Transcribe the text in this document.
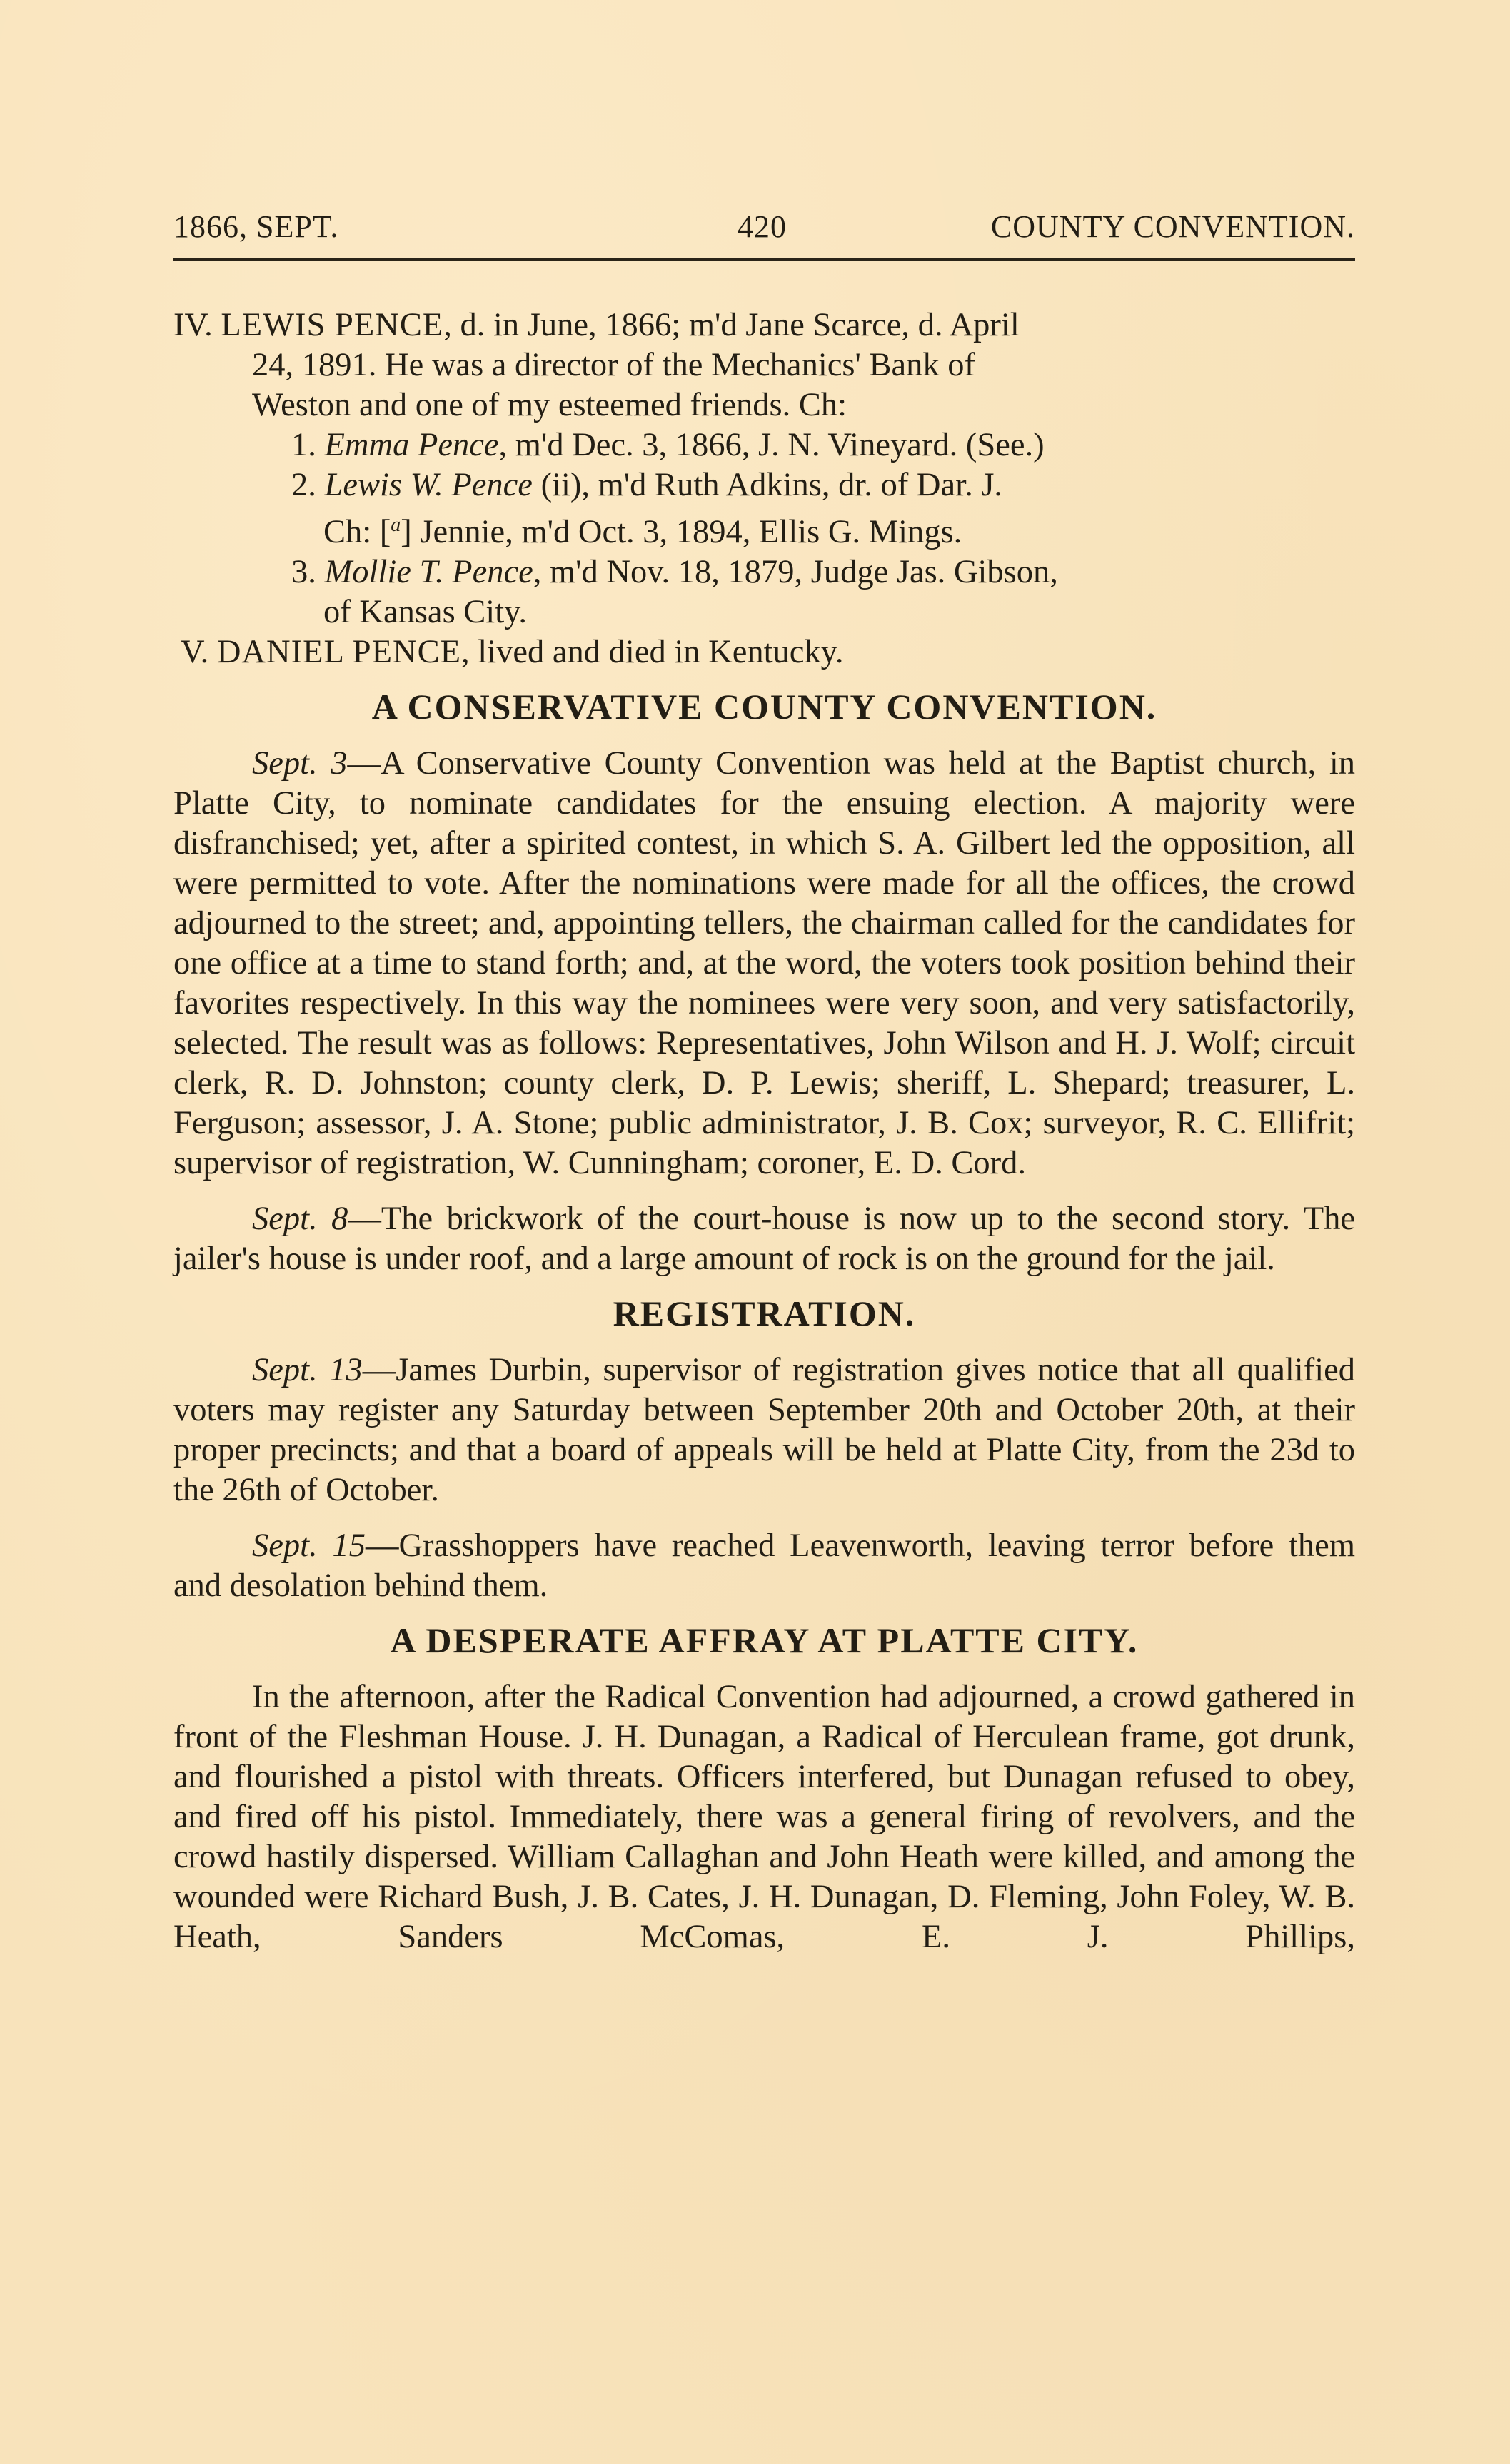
1866, SEPT.	420	COUNTY CONVENTION.

IV. LEWIS PENCE, d. in June, 1866; m'd Jane Scarce, d. April

24, 1891. He was a director of the Mechanics' Bank of

Weston and one of my esteemed friends. Ch:

1. Emma Pence, m'd Dec. 3, 1866, J. N. Vineyard. (See.)

2. Lewis W. Pence (ii), m'd Ruth Adkins, dr. of Dar. J.

Ch: [$^a$] Jennie, m'd Oct. 3, 1894, Ellis G. Mings.

3. Mollie T. Pence, m'd Nov. 18, 1879, Judge Jas. Gibson,

of Kansas City.

V. DANIEL PENCE, lived and died in Kentucky.

A CONSERVATIVE COUNTY CONVENTION.

Sept. 3—A Conservative County Convention was held at the Baptist church, in Platte City, to nominate candidates for the ensuing election. A majority were disfranchised; yet, after a spirited contest, in which S. A. Gilbert led the opposition, all were permitted to vote. After the nominations were made for all the offices, the crowd adjourned to the street; and, appointing tellers, the chairman called for the candidates for one office at a time to stand forth; and, at the word, the voters took position behind their favorites respectively. In this way the nominees were very soon, and very satisfactorily, selected. The result was as follows: Representatives, John Wilson and H. J. Wolf; circuit clerk, R. D. Johnston; county clerk, D. P. Lewis; sheriff, L. Shepard; treasurer, L. Ferguson; assessor, J. A. Stone; public administrator, J. B. Cox; surveyor, R. C. Ellifrit; supervisor of registration, W. Cunningham; coroner, E. D. Cord.

Sept. 8—The brickwork of the court-house is now up to the second story. The jailer's house is under roof, and a large amount of rock is on the ground for the jail.

REGISTRATION.

Sept. 13—James Durbin, supervisor of registration gives notice that all qualified voters may register any Saturday between September 20th and October 20th, at their proper precincts; and that a board of appeals will be held at Platte City, from the 23d to the 26th of October.

Sept. 15—Grasshoppers have reached Leavenworth, leaving terror before them and desolation behind them.

A DESPERATE AFFRAY AT PLATTE CITY.

In the afternoon, after the Radical Convention had adjourned, a crowd gathered in front of the Fleshman House. J. H. Dunagan, a Radical of Herculean frame, got drunk, and flourished a pistol with threats. Officers interfered, but Dunagan refused to obey, and fired off his pistol. Immediately, there was a general firing of revolvers, and the crowd hastily dispersed. William Callaghan and John Heath were killed, and among the wounded were Richard Bush, J. B. Cates, J. H. Dunagan, D. Fleming, John Foley, W. B. Heath, Sanders McComas, E. J. Phillips,
